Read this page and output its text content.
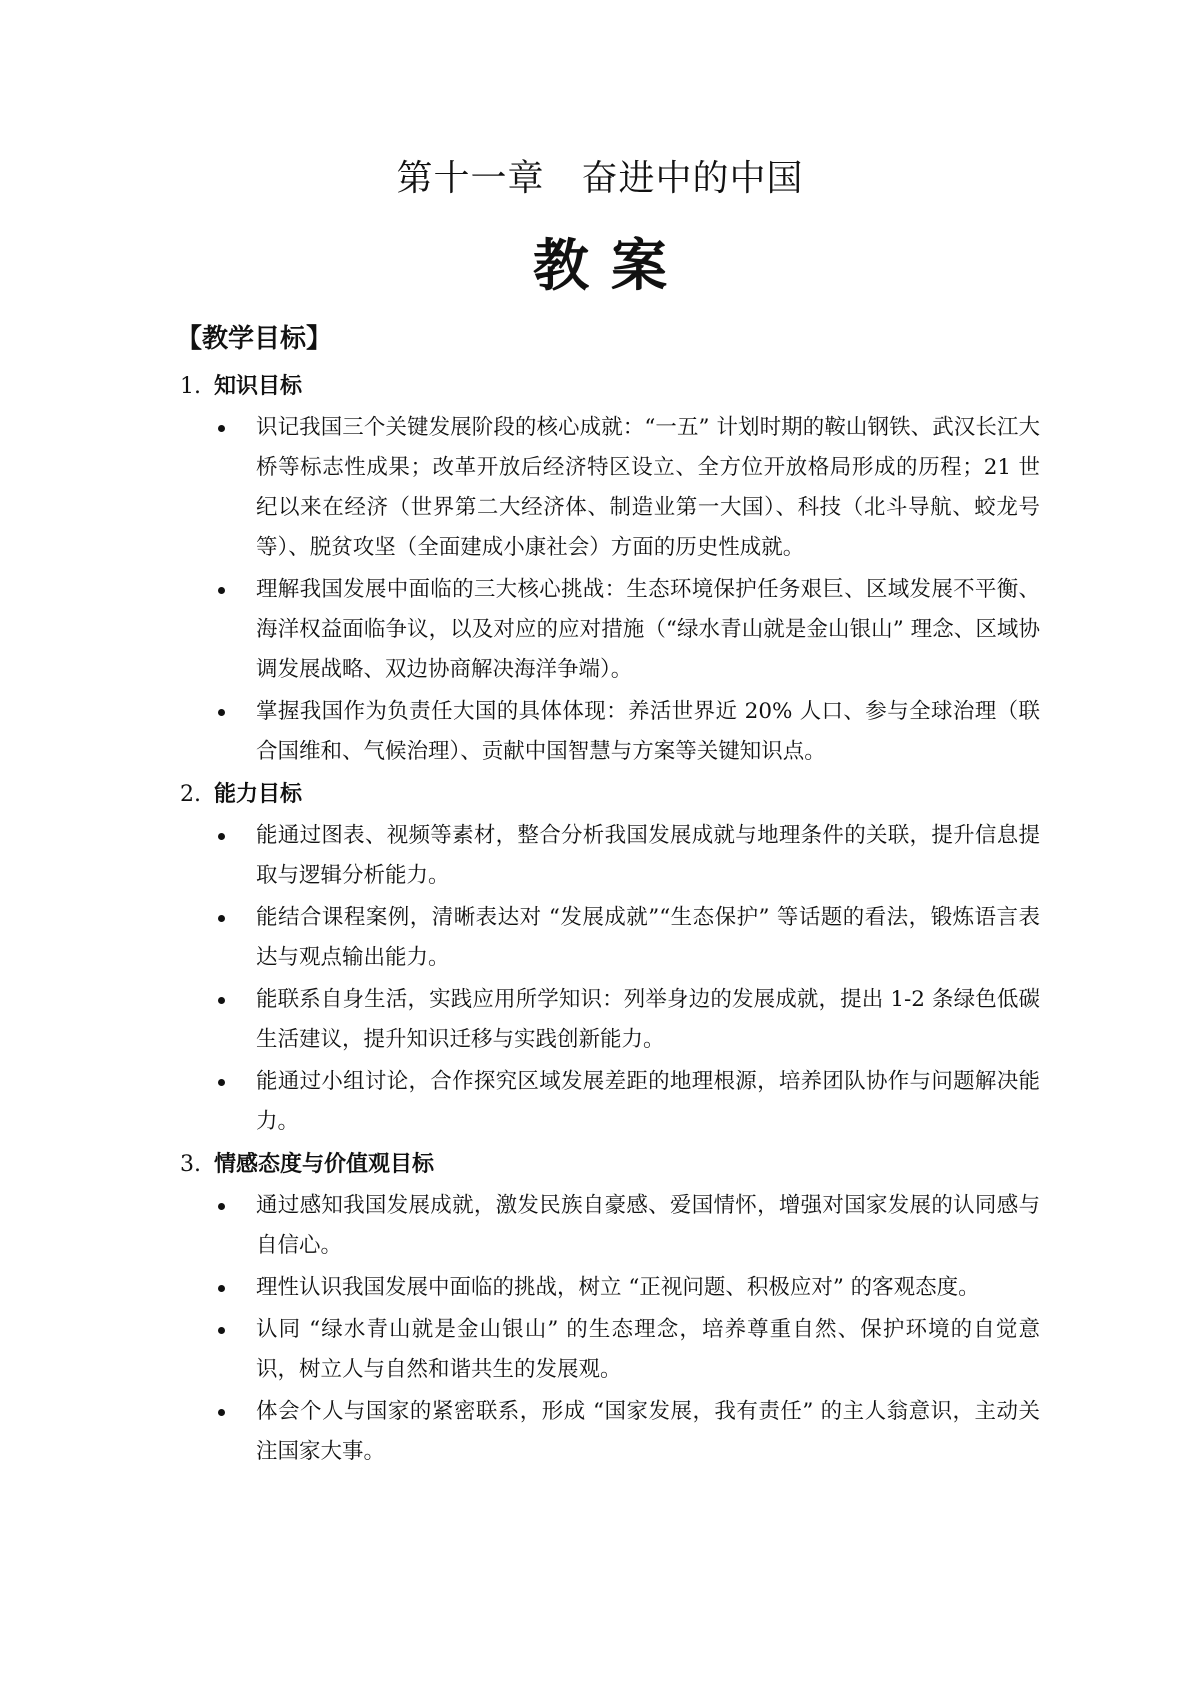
第十一章　奋进中的中国
教案
【教学目标】
1. 知识目标
识记我国三个关键发展阶段的核心成就：“一五” 计划时期的鞍山钢铁、武汉长江大桥等标志性成果；改革开放后经济特区设立、全方位开放格局形成的历程；21 世纪以来在经济（世界第二大经济体、制造业第一大国）、科技（北斗导航、蛟龙号等）、脱贫攻坚（全面建成小康社会）方面的历史性成就。
理解我国发展中面临的三大核心挑战：生态环境保护任务艰巨、区域发展不平衡、海洋权益面临争议，以及对应的应对措施（“绿水青山就是金山银山” 理念、区域协调发展战略、双边协商解决海洋争端）。
掌握我国作为负责任大国的具体体现：养活世界近 20% 人口、参与全球治理（联合国维和、气候治理）、贡献中国智慧与方案等关键知识点。
2. 能力目标
能通过图表、视频等素材，整合分析我国发展成就与地理条件的关联，提升信息提取与逻辑分析能力。
能结合课程案例，清晰表达对 “发展成就”“生态保护” 等话题的看法，锻炼语言表达与观点输出能力。
能联系自身生活，实践应用所学知识：列举身边的发展成就，提出 1-2 条绿色低碳生活建议，提升知识迁移与实践创新能力。
能通过小组讨论，合作探究区域发展差距的地理根源，培养团队协作与问题解决能力。
3. 情感态度与价值观目标
通过感知我国发展成就，激发民族自豪感、爱国情怀，增强对国家发展的认同感与自信心。
理性认识我国发展中面临的挑战，树立 “正视问题、积极应对” 的客观态度。
认同 “绿水青山就是金山银山” 的生态理念，培养尊重自然、保护环境的自觉意识，树立人与自然和谐共生的发展观。
体会个人与国家的紧密联系，形成 “国家发展，我有责任” 的主人翁意识，主动关注国家大事。
